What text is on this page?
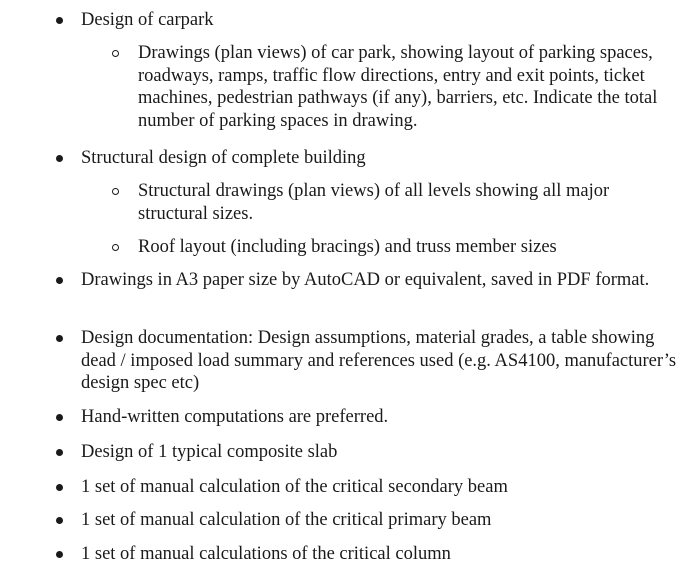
Design of carpark
Drawings (plan views) of car park, showing layout of parking spaces, roadways, ramps, traffic flow directions, entry and exit points, ticket machines, pedestrian pathways (if any), barriers, etc. Indicate the total number of parking spaces in drawing.
Structural design of complete building
Structural drawings (plan views) of all levels showing all major structural sizes.
Roof layout (including bracings) and truss member sizes
Drawings in A3 paper size by AutoCAD or equivalent, saved in PDF format.
Design documentation: Design assumptions, material grades, a table showing dead / imposed load summary and references used (e.g. AS4100, manufacturer’s design spec etc)
Hand-written computations are preferred.
Design of 1 typical composite slab
1 set of manual calculation of the critical secondary beam
1 set of manual calculation of the critical primary beam
1 set of manual calculations of the critical column
